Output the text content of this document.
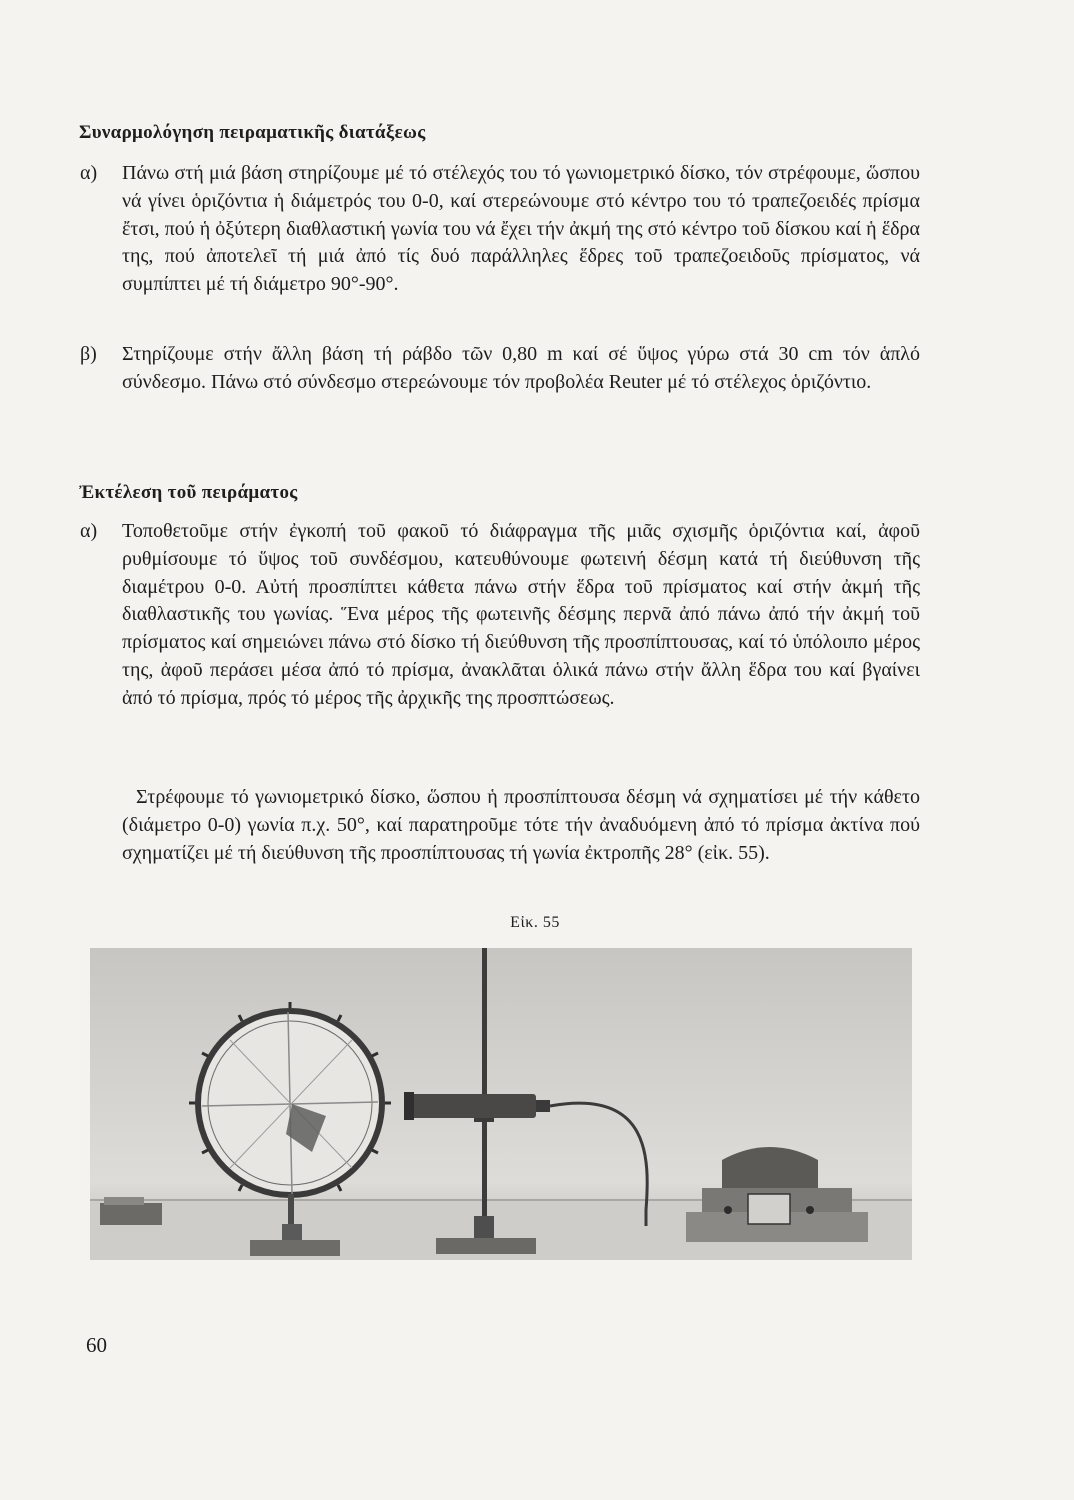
Συναρμολόγηση πειραματικῆς διατάξεως
α) Πάνω στή μιά βάση στηρίζουμε μέ τό στέλεχός του τό γωνιομετρικό δίσκο, τόν στρέφουμε, ὥσπου νά γίνει ὁριζόντια ἡ διάμετρός του 0-0, καί στερεώνουμε στό κέντρο του τό τραπεζοειδές πρίσμα ἔτσι, πού ἡ ὀξύτερη διαθλαστική γωνία του νά ἔχει τήν ἀκμή της στό κέντρο τοῦ δίσκου καί ἡ ἕδρα της, πού ἀποτελεῖ τή μιά ἀπό τίς δυό παράλληλες ἕδρες τοῦ τραπεζοειδοῦς πρίσματος, νά συμπίπτει μέ τή διάμετρο 90°-90°.
β) Στηρίζουμε στήν ἄλλη βάση τή ράβδο τῶν 0,80 m καί σέ ὕψος γύρω στά 30 cm τόν ἁπλό σύνδεσμο. Πάνω στό σύνδεσμο στερεώνουμε τόν προβολέα Reuter μέ τό στέλεχος ὁριζόντιο.
Ἐκτέλεση τοῦ πειράματος
α) Τοποθετοῦμε στήν ἐγκοπή τοῦ φακοῦ τό διάφραγμα τῆς μιᾶς σχισμῆς ὁριζόντια καί, ἀφοῦ ρυθμίσουμε τό ὕψος τοῦ συνδέσμου, κατευθύνουμε φωτεινή δέσμη κατά τή διεύθυνση τῆς διαμέτρου 0-0. Αὐτή προσπίπτει κάθετα πάνω στήν ἕδρα τοῦ πρίσματος καί στήν ἀκμή τῆς διαθλαστικῆς του γωνίας. Ἕνα μέρος τῆς φωτεινῆς δέσμης περνᾶ ἀπό πάνω ἀπό τήν ἀκμή τοῦ πρίσματος καί σημειώνει πάνω στό δίσκο τή διεύθυνση τῆς προσπίπτουσας, καί τό ὑπόλοιπο μέρος της, ἀφοῦ περάσει μέσα ἀπό τό πρίσμα, ἀνακλᾶται ὁλικά πάνω στήν ἄλλη ἕδρα του καί βγαίνει ἀπό τό πρίσμα, πρός τό μέρος τῆς ἀρχικῆς της προσπτώσεως.
Στρέφουμε τό γωνιομετρικό δίσκο, ὥσπου ἡ προσπίπτουσα δέσμη νά σχηματίσει μέ τήν κάθετο (διάμετρο 0-0) γωνία π.χ. 50°, καί παρατηροῦμε τότε τήν ἀναδυόμενη ἀπό τό πρίσμα ἀκτίνα πού σχηματίζει μέ τή διεύθυνση τῆς προσπίπτουσας τή γωνία ἐκτροπῆς 28° (εἰκ. 55).
Εἰκ. 55
60
